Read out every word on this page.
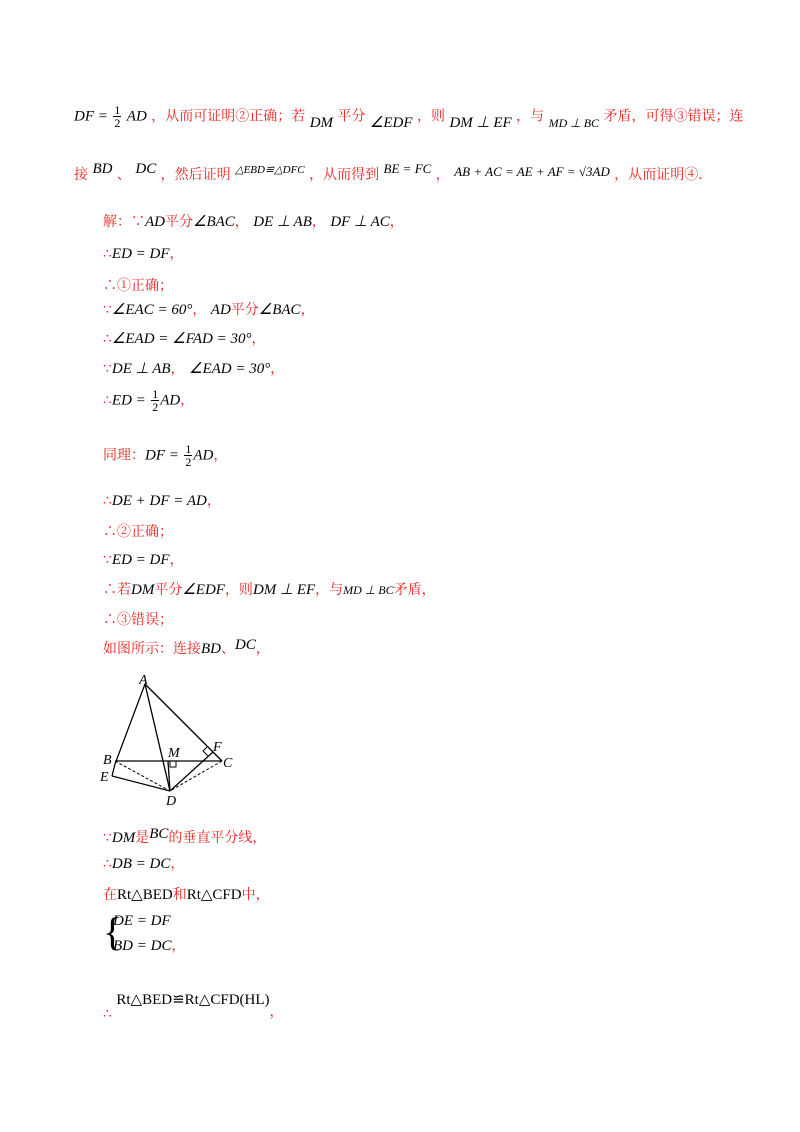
DF = $\frac{1}{2}$ AD ，从而可证明②正确；若 DM 平分 ∠EDF ，则 DM ⊥ EF ，与 MD ⊥ BC 矛盾，可得③错误；连
接 BD 、 DC ，然后证明 $^{\triangle EBD≌\triangle DFC}$ ，从而得到 BE = FC ， AB + AC = AE + AF = √3AD ，从而证明④.
解：∵AD平分∠BAC， DE ⊥ AB， DF ⊥ AC，
∴ED = DF，
∴①正确；
∵∠EAC = 60°， AD平分∠BAC，
∴∠EAD = ∠FAD = 30°，
∵DE ⊥ AB， ∠EAD = 30°，
∴ED = $\frac{1}{2}$ AD，
同理：DF = $\frac{1}{2}$ AD，
∴DE + DF = AD，
∴②正确；
∵ED = DF，
∴若DM平分∠EDF，则DM ⊥ EF，与MD ⊥ BC矛盾，
∴③错误；
如图所示：连接BD、DC，
A
B	C
D
E
F
M
∵DM是BC的垂直平分线，
∴DB = DC，
在Rt△BED和Rt△CFD中，
{
DE = DF
BD = DC，
∴ Rt△BED≌Rt△CFD(HL)，
